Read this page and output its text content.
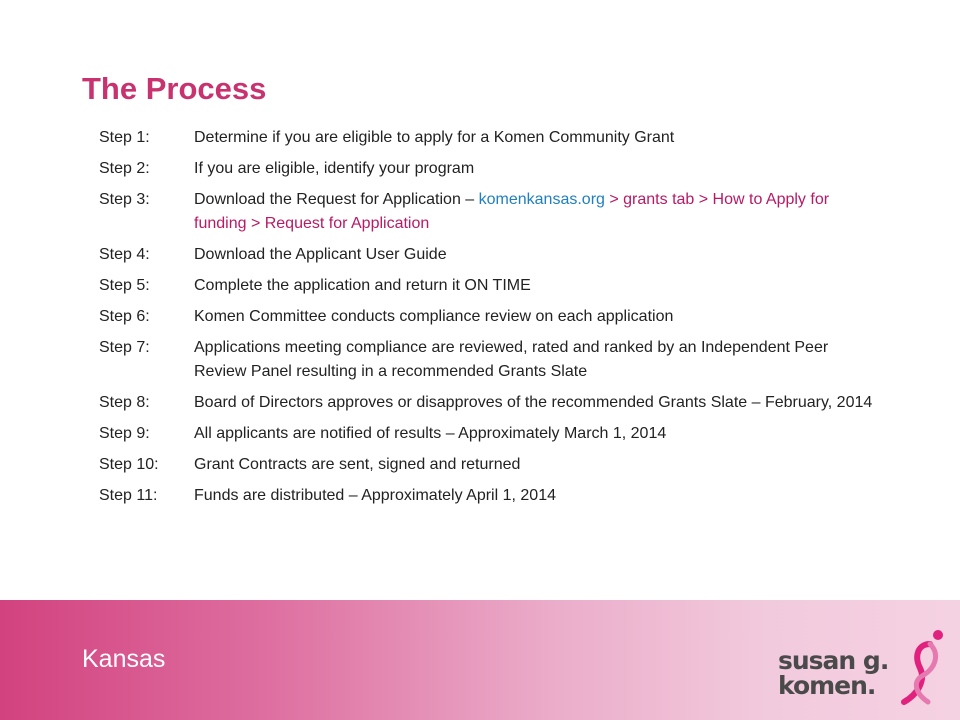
The Process
Step 1:	Determine if you are eligible to apply for a Komen Community Grant
Step 2:	If you are eligible, identify your program
Step 3:	Download the Request for Application – komenkansas.org > grants tab > How to Apply for funding > Request for Application
Step 4:	Download the Applicant User Guide
Step 5:	Complete the application and return it ON TIME
Step 6:	Komen Committee conducts compliance review on each application
Step 7:	Applications meeting compliance are reviewed, rated and ranked by an Independent Peer Review Panel resulting in a recommended Grants Slate
Step 8:	Board of Directors approves or disapproves of the recommended Grants Slate – February, 2014
Step 9:	All applicants are notified of results – Approximately March 1, 2014
Step 10:	Grant Contracts are sent, signed and returned
Step 11:	Funds are distributed – Approximately April 1, 2014
Kansas	susan g.
komen.
